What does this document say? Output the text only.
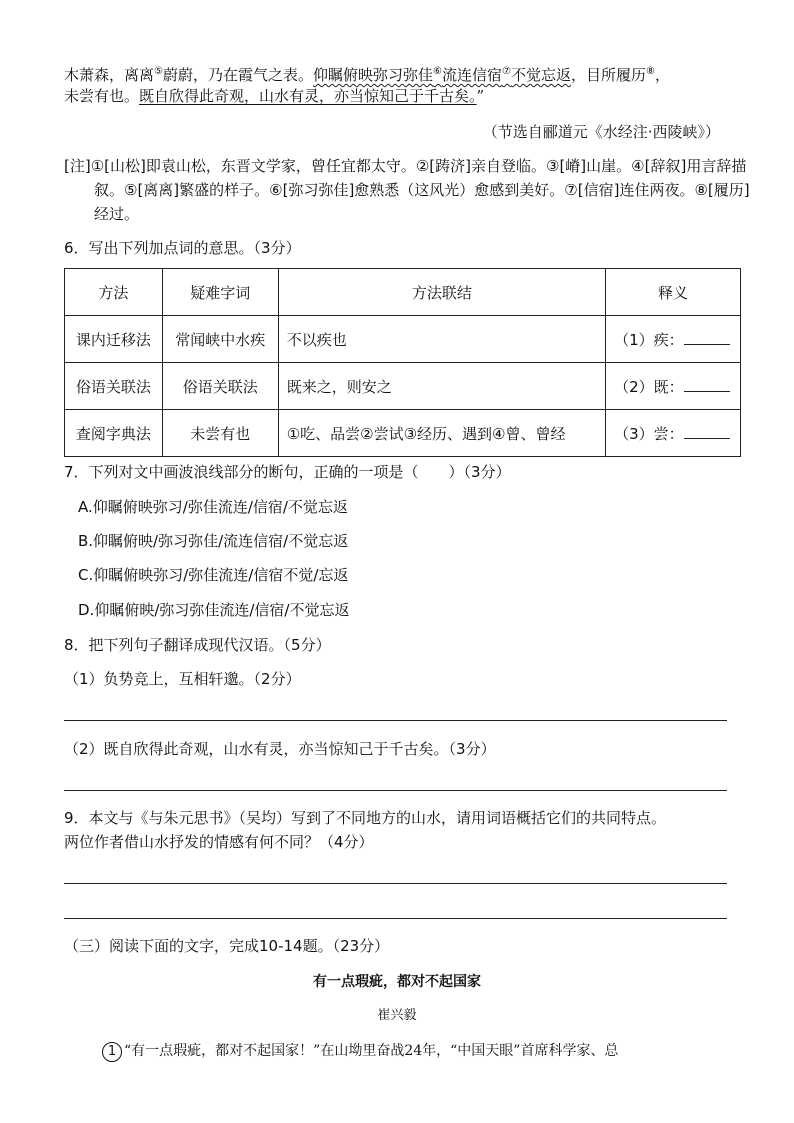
木萧森，离离⑤蔚蔚，乃在霞气之表。仰瞩俯映弥习弥佳⑥流连信宿⑦不觉忘返，目所履历⑧，
未尝有也。既自欣得此奇观，山水有灵，亦当惊知己于千古矣。”
（节选自郦道元《水经注·西陵峡》）
[注]①[山松]即袁山松，东晋文学家，曾任宜都太守。②[踌济]亲自登临。③[嵴]山崖。④[辞叙]用言辞描
叙。⑤[离离]繁盛的样子。⑥[弥习弥佳]愈熟悉（这风光）愈感到美好。⑦[信宿]连住两夜。⑧[履历]
经过。
6．写出下列加点词的意思。（3分）
方法	疑难字词	方法联结	释义
课内迁移法	常闻峡中水疾	不以疾也	（1）疾：
俗语关联法	俗语关联法	既来之，则安之	（2）既：
查阅字典法	未尝有也	①吃、品尝②尝试③经历、遇到④曾、曾经	（3）尝：
7．下列对文中画波浪线部分的断句，正确的一项是（　　）（3分）
A.仰瞩俯映弥习/弥佳流连/信宿/不觉忘返
B.仰瞩俯映/弥习弥佳/流连信宿/不觉忘返
C.仰瞩俯映弥习/弥佳流连/信宿不觉/忘返
D.仰瞩俯映/弥习弥佳流连/信宿/不觉忘返
8．把下列句子翻译成现代汉语。（5分）
（1）负势竞上，互相轩邈。（2分）
（2）既自欣得此奇观，山水有灵，亦当惊知己于千古矣。（3分）
9．本文与《与朱元思书》（吴均）写到了不同地方的山水，请用词语概括它们的共同特点。
两位作者借山水抒发的情感有何不同？（4分）
（三）阅读下面的文字，完成10-14题。（23分）
有一点瑕疵，都对不起国家
崔兴毅
1 “有一点瑕疵，都对不起国家！”在山坳里奋战24年，“中国天眼”首席科学家、总
